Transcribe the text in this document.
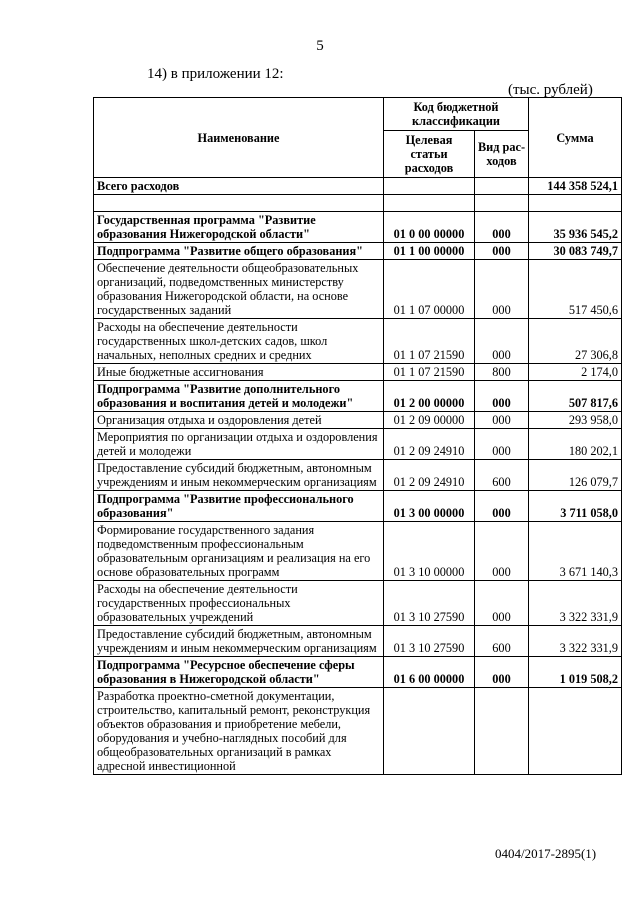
5
14) в приложении 12:
(тыс. рублей)
Наименование	Код бюджетной классификации		Сумма
	Целевая статьи расходов	Вид рас-ходов	
Всего расходов			144 358 524,1

Государственная программа "Развитие образования Нижегородской области"	01 0 00 00000	000	35 936 545,2
Подпрограмма "Развитие общего образования"	01 1 00 00000	000	30 083 749,7
Обеспечение деятельности общеобразовательных организаций, подведомственных министерству образования Нижегородской области, на основе государственных заданий	01 1 07 00000	000	517 450,6
Расходы на обеспечение деятельности государственных школ-детских садов, школ начальных, неполных средних и средних	01 1 07 21590	000	27 306,8
Иные бюджетные ассигнования	01 1 07 21590	800	2 174,0
Подпрограмма "Развитие дополнительного образования и воспитания детей и молодежи"	01 2 00 00000	000	507 817,6
Организация отдыха и оздоровления детей	01 2 09 00000	000	293 958,0
Мероприятия по организации отдыха и оздоровления детей и молодежи	01 2 09 24910	000	180 202,1
Предоставление субсидий бюджетным, автономным учреждениям и иным некоммерческим организациям	01 2 09 24910	600	126 079,7
Подпрограмма "Развитие профессионального образования"	01 3 00 00000	000	3 711 058,0
Формирование государственного задания подведомственным профессиональным образовательным организациям и реализация на его основе образовательных программ	01 3 10 00000	000	3 671 140,3
Расходы на обеспечение деятельности государственных профессиональных образовательных учреждений	01 3 10 27590	000	3 322 331,9
Предоставление субсидий бюджетным, автономным учреждениям и иным некоммерческим организациям	01 3 10 27590	600	3 322 331,9
Подпрограмма "Ресурсное обеспечение сферы образования в Нижегородской области"	01 6 00 00000	000	1 019 508,2
Разработка проектно-сметной документации, строительство, капитальный ремонт, реконструкция объектов образования и приобретение мебели, оборудования и учебно-наглядных пособий для общеобразовательных организаций в рамках адресной инвестиционной			
0404/2017-2895(1)
